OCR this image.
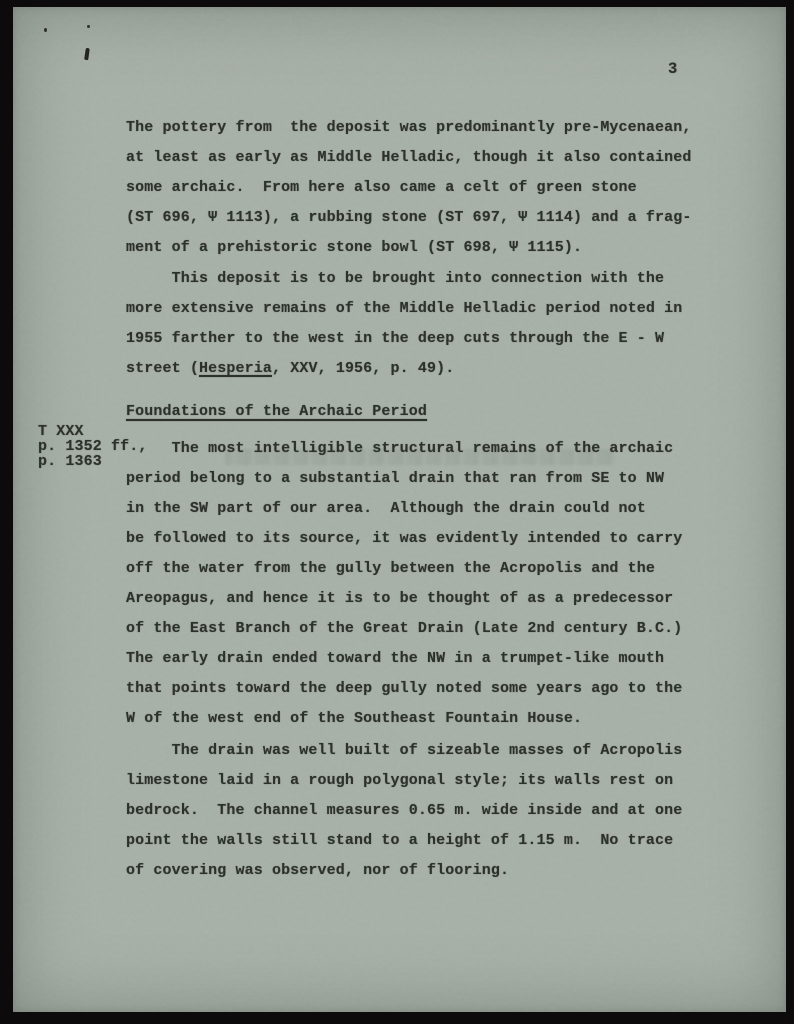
3
The pottery from  the deposit was predominantly pre-Mycenaean,
at least as early as Middle Helladic, though it also contained
some archaic.  From here also came a celt of green stone
(ST 696, Ψ 1113), a rubbing stone (ST 697, Ψ 1114) and a frag-
ment of a prehistoric stone bowl (ST 698, Ψ 1115).
This deposit is to be brought into connection with the
more extensive remains of the Middle Helladic period noted in
1955 farther to the west in the deep cuts through the E - W
street (Hesperia, XXV, 1956, p. 49).
Foundations of the Archaic Period
T XXX
p. 1352 ff.,
p. 1363
The most intelligible structural remains of the archaic
period belong to a substantial drain that ran from SE to NW
in the SW part of our area.  Although the drain could not
be followed to its source, it was evidently intended to carry
off the water from the gully between the Acropolis and the
Areopagus, and hence it is to be thought of as a predecessor
of the East Branch of the Great Drain (Late 2nd century B.C.)
The early drain ended toward the NW in a trumpet-like mouth
that points toward the deep gully noted some years ago to the
W of the west end of the Southeast Fountain House.
The drain was well built of sizeable masses of Acropolis
limestone laid in a rough polygonal style; its walls rest on
bedrock.  The channel measures 0.65 m. wide inside and at one
point the walls still stand to a height of 1.15 m.  No trace
of covering was observed, nor of flooring.
